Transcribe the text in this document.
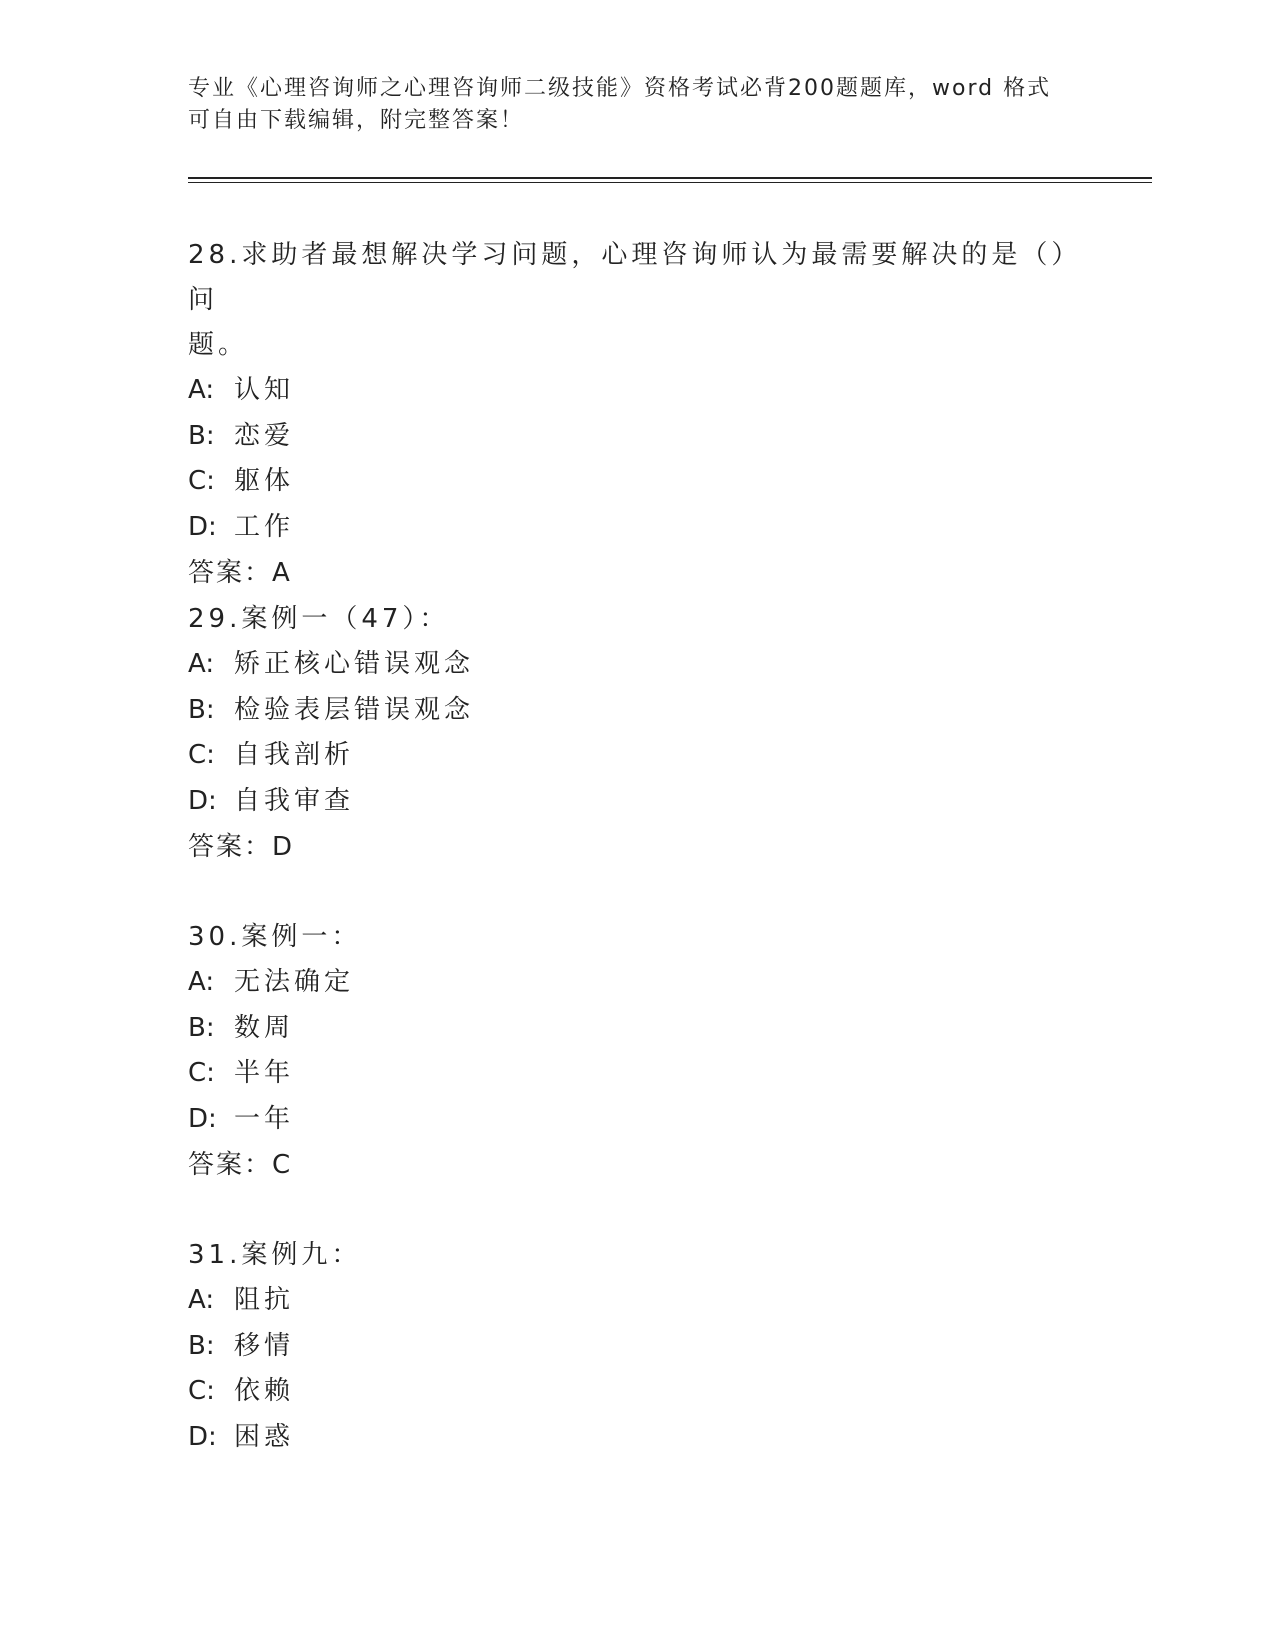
专业《心理咨询师之心理咨询师二级技能》资格考试必背200题题库，word 格式
可自由下载编辑，附完整答案！
28.求助者最想解决学习问题，心理咨询师认为最需要解决的是（）问
题。
A: 认知
B: 恋爱
C: 躯体
D: 工作
答案：A
29.案例一（47）：
A: 矫正核心错误观念
B: 检验表层错误观念
C: 自我剖析
D: 自我审查
答案：D
30.案例一：
A: 无法确定
B: 数周
C: 半年
D: 一年
答案：C
31.案例九：
A: 阻抗
B: 移情
C: 依赖
D: 困惑
